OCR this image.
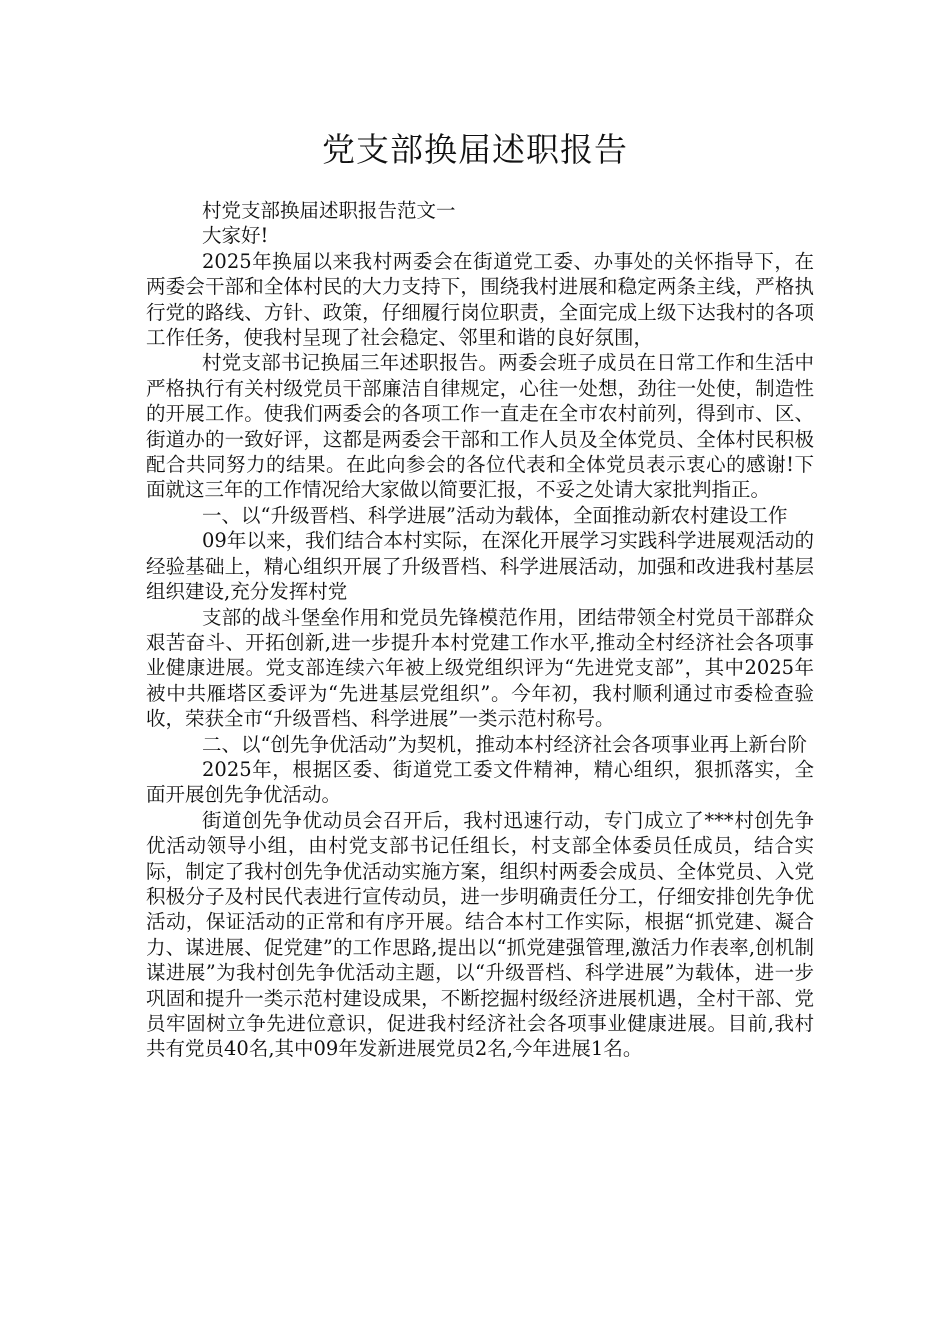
党支部换届述职报告

村党支部换届述职报告范文一

大家好!

2025年换届以来我村两委会在街道党工委、办事处的关怀指导下，在两委会干部和全体村民的大力支持下，围绕我村进展和稳定两条主线，严格执行党的路线、方针、政策，仔细履行岗位职责，全面完成上级下达我村的各项工作任务，使我村呈现了社会稳定、邻里和谐的良好氛围，

村党支部书记换届三年述职报告。两委会班子成员在日常工作和生活中严格执行有关村级党员干部廉洁自律规定，心往一处想，劲往一处使，制造性的开展工作。使我们两委会的各项工作一直走在全市农村前列，得到市、区、街道办的一致好评，这都是两委会干部和工作人员及全体党员、全体村民积极配合共同努力的结果。在此向参会的各位代表和全体党员表示衷心的感谢!下面就这三年的工作情况给大家做以简要汇报，不妥之处请大家批判指正。

一、以“升级晋档、科学进展”活动为载体，全面推动新农村建设工作

09年以来，我们结合本村实际，在深化开展学习实践科学进展观活动的经验基础上，精心组织开展了升级晋档、科学进展活动，加强和改进我村基层组织建设,充分发挥村党

支部的战斗堡垒作用和党员先锋模范作用，团结带领全村党员干部群众艰苦奋斗、开拓创新,进一步提升本村党建工作水平,推动全村经济社会各项事业健康进展。党支部连续六年被上级党组织评为“先进党支部”，其中2025年被中共雁塔区委评为“先进基层党组织”。今年初，我村顺利通过市委检查验收，荣获全市“升级晋档、科学进展”一类示范村称号。

二、以“创先争优活动”为契机，推动本村经济社会各项事业再上新台阶

2025年，根据区委、街道党工委文件精神，精心组织，狠抓落实，全面开展创先争优活动。

街道创先争优动员会召开后，我村迅速行动，专门成立了***村创先争优活动领导小组，由村党支部书记任组长，村支部全体委员任成员，结合实际，制定了我村创先争优活动实施方案，组织村两委会成员、全体党员、入党积极分子及村民代表进行宣传动员，进一步明确责任分工，仔细安排创先争优活动，保证活动的正常和有序开展。结合本村工作实际，根据“抓党建、凝合力、谋进展、促党建”的工作思路,提出以“抓党建强管理,激活力作表率,创机制谋进展”为我村创先争优活动主题，以“升级晋档、科学进展”为载体，进一步巩固和提升一类示范村建设成果，不断挖掘村级经济进展机遇，全村干部、党员牢固树立争先进位意识，促进我村经济社会各项事业健康进展。目前,我村共有党员40名,其中09年发新进展党员2名,今年进展1名。
